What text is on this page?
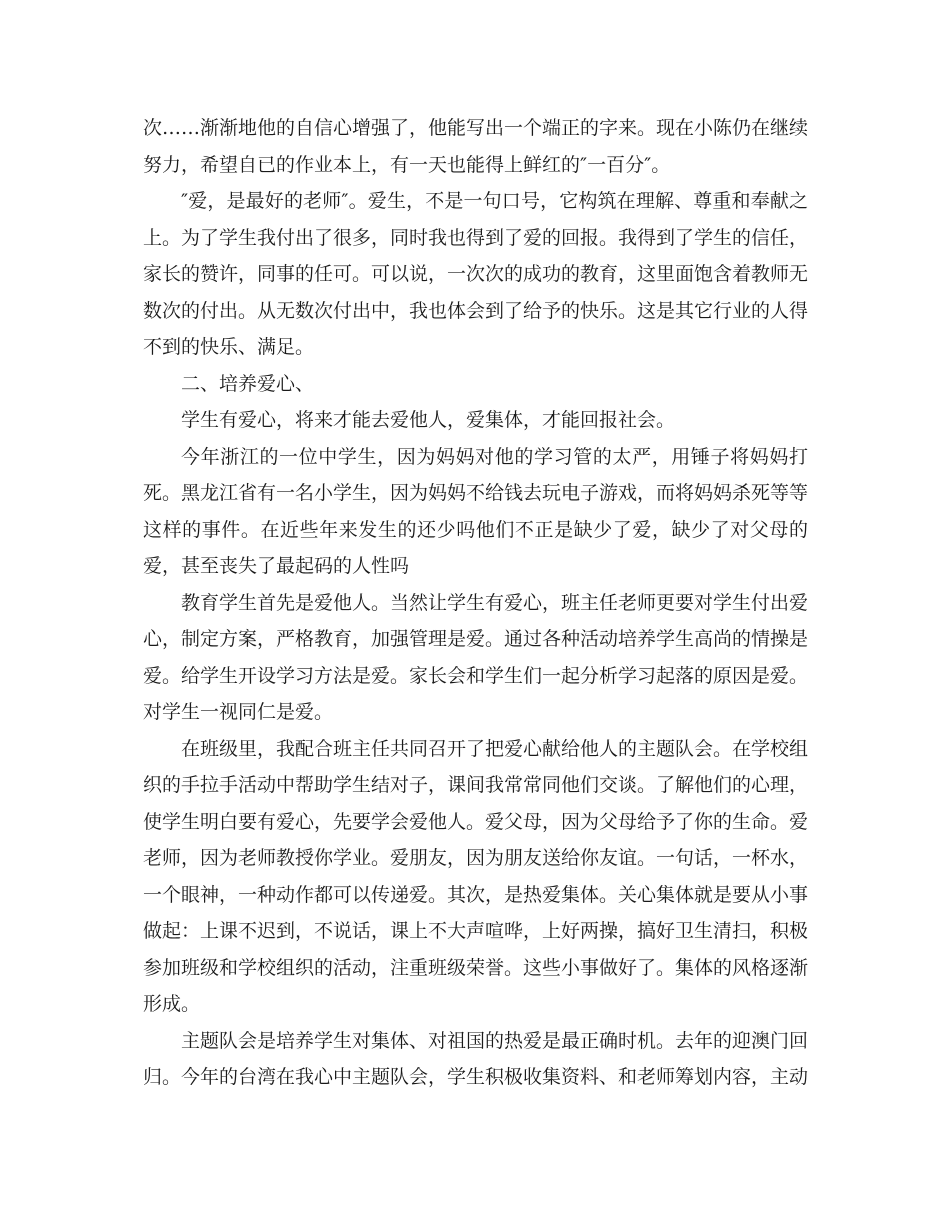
次……渐渐地他的自信心增强了，他能写出一个端正的字来。现在小陈仍在继续努力，希望自已的作业本上，有一天也能得上鲜红的″一百分″。

″爱，是最好的老师″。爱生，不是一句口号，它构筑在理解、尊重和奉献之上。为了学生我付出了很多，同时我也得到了爱的回报。我得到了学生的信任，家长的赞许，同事的任可。可以说，一次次的成功的教育，这里面饱含着教师无数次的付出。从无数次付出中，我也体会到了给予的快乐。这是其它行业的人得不到的快乐、满足。

二、培养爱心、

学生有爱心，将来才能去爱他人，爱集体，才能回报社会。

今年浙江的一位中学生，因为妈妈对他的学习管的太严，用锤子将妈妈打死。黑龙江省有一名小学生，因为妈妈不给钱去玩电子游戏，而将妈妈杀死等等这样的事件。在近些年来发生的还少吗他们不正是缺少了爱，缺少了对父母的爱，甚至丧失了最起码的人性吗

教育学生首先是爱他人。当然让学生有爱心，班主任老师更要对学生付出爱心，制定方案，严格教育，加强管理是爱。通过各种活动培养学生高尚的情操是爱。给学生开设学习方法是爱。家长会和学生们一起分析学习起落的原因是爱。对学生一视同仁是爱。

在班级里，我配合班主任共同召开了把爱心献给他人的主题队会。在学校组织的手拉手活动中帮助学生结对子，课间我常常同他们交谈。了解他们的心理，使学生明白要有爱心，先要学会爱他人。爱父母，因为父母给予了你的生命。爱老师，因为老师教授你学业。爱朋友，因为朋友送给你友谊。一句话，一杯水，一个眼神，一种动作都可以传递爱。其次，是热爱集体。关心集体就是要从小事做起：上课不迟到，不说话，课上不大声喧哗，上好两操，搞好卫生清扫，积极参加班级和学校组织的活动，注重班级荣誉。这些小事做好了。集体的风格逐渐形成。

主题队会是培养学生对集体、对祖国的热爱是最正确时机。去年的迎澳门回归。今年的台湾在我心中主题队会，学生积极收集资料、和老师筹划内容，主动
